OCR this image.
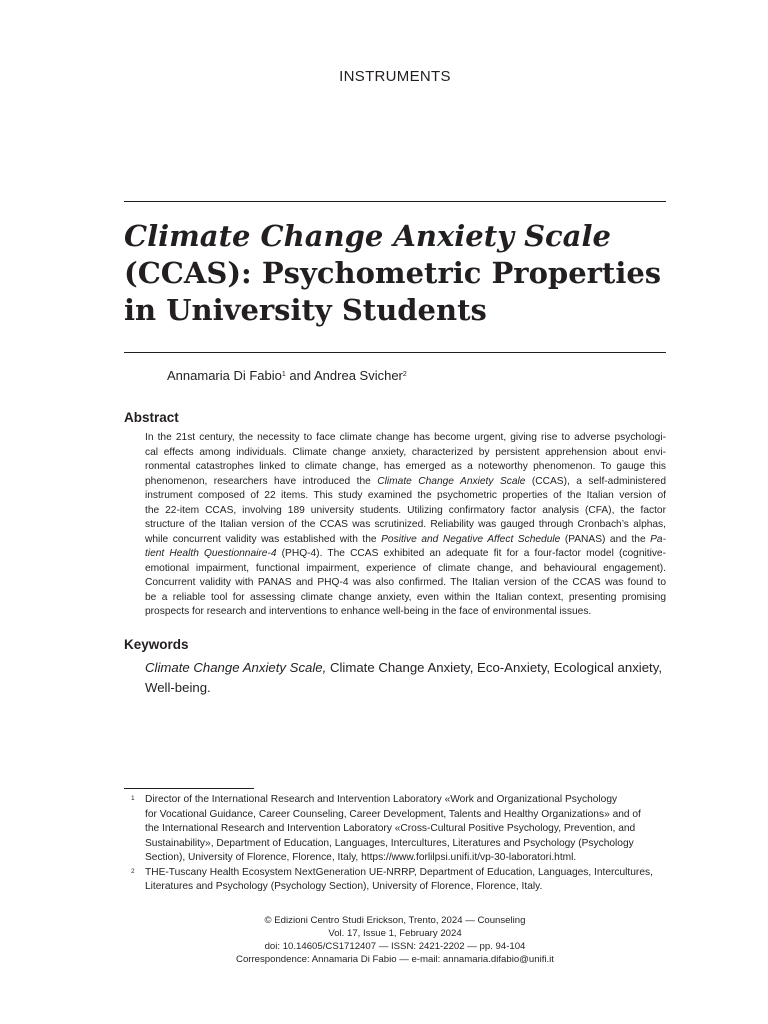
INSTRUMENTS
Climate Change Anxiety Scale
(CCAS): Psychometric Properties
in University Students
Annamaria Di Fabio$^1$ and Andrea Svicher$^2$
Abstract
In the 21st century, the necessity to face climate change has become urgent, giving rise to adverse psychologi-
cal effects among individuals. Climate change anxiety, characterized by persistent apprehension about envi-
ronmental catastrophes linked to climate change, has emerged as a noteworthy phenomenon. To gauge this
phenomenon, researchers have introduced the Climate Change Anxiety Scale (CCAS), a self-administered
instrument composed of 22 items. This study examined the psychometric properties of the Italian version of
the 22-item CCAS, involving 189 university students. Utilizing confirmatory factor analysis (CFA), the factor
structure of the Italian version of the CCAS was scrutinized. Reliability was gauged through Cronbach’s alphas,
while concurrent validity was established with the Positive and Negative Affect Schedule (PANAS) and the Pa-
tient Health Questionnaire-4 (PHQ-4). The CCAS exhibited an adequate fit for a four-factor model (cognitive-
emotional impairment, functional impairment, experience of climate change, and behavioural engagement).
Concurrent validity with PANAS and PHQ-4 was also confirmed. The Italian version of the CCAS was found to
be a reliable tool for assessing climate change anxiety, even within the Italian context, presenting promising
prospects for research and interventions to enhance well-being in the face of environmental issues.
Keywords
Climate Change Anxiety Scale, Climate Change Anxiety, Eco-Anxiety, Ecological anxiety,
Well-being.
1 Director of the International Research and Intervention Laboratory «Work and Organizational Psychology
for Vocational Guidance, Career Counseling, Career Development, Talents and Healthy Organizations» and of
the International Research and Intervention Laboratory «Cross-Cultural Positive Psychology, Prevention, and
Sustainability», Department of Education, Languages, Intercultures, Literatures and Psychology (Psychology
Section), University of Florence, Florence, Italy, https://www.forlilpsi.unifi.it/vp-30-laboratori.html.
2 THE-Tuscany Health Ecosystem NextGeneration UE-NRRP, Department of Education, Languages, Intercultures,
Literatures and Psychology (Psychology Section), University of Florence, Florence, Italy.
© Edizioni Centro Studi Erickson, Trento, 2024 — Counseling
Vol. 17, Issue 1, February 2024
doi: 10.14605/CS1712407 — ISSN: 2421-2202 — pp. 94-104
Correspondence: Annamaria Di Fabio — e-mail: annamaria.difabio@unifi.it
